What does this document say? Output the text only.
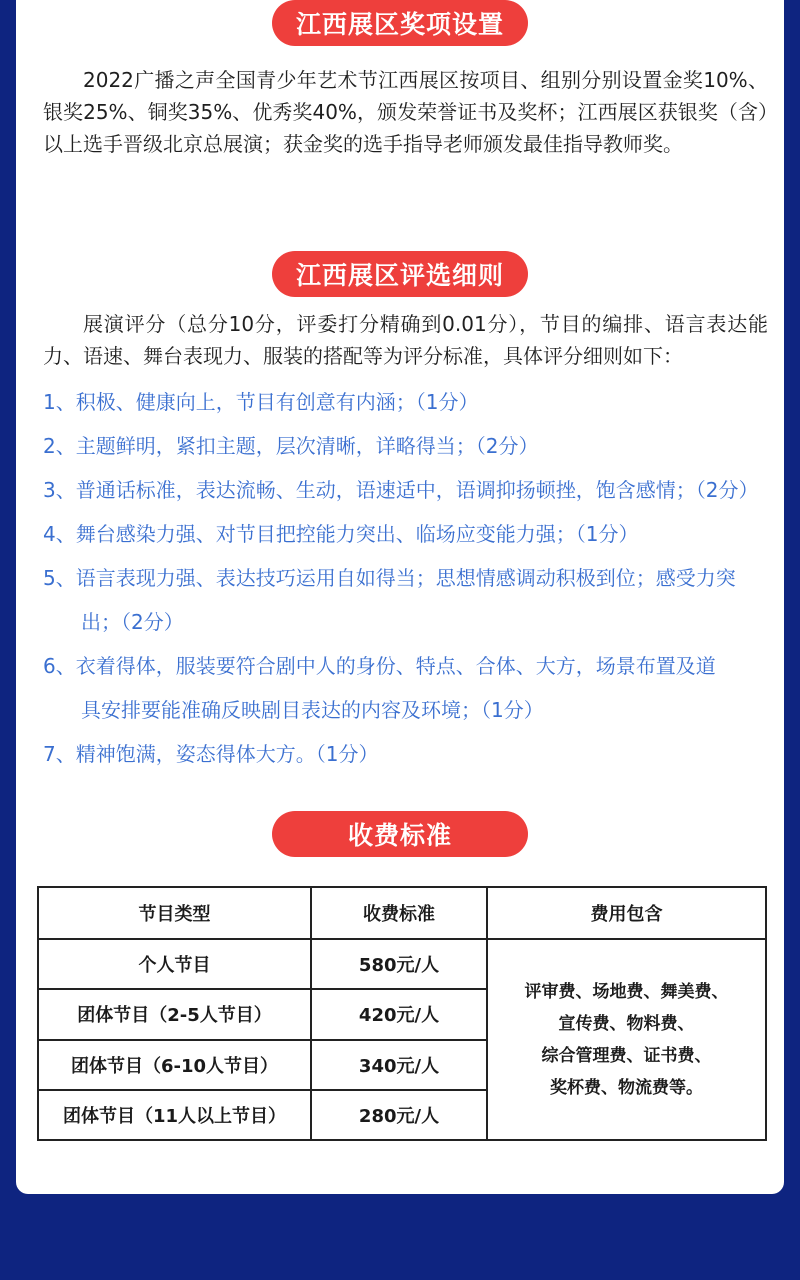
江西展区奖项设置

2022广播之声全国青少年艺术节江西展区按项目、组别分别设置金奖10%、银奖25%、铜奖35%、优秀奖40%，颁发荣誉证书及奖杯；江西展区获银奖（含）以上选手晋级北京总展演；获金奖的选手指导老师颁发最佳指导教师奖。

江西展区评选细则

展演评分（总分10分，评委打分精确到0.01分），节目的编排、语言表达能力、语速、舞台表现力、服装的搭配等为评分标准，具体评分细则如下：

1、积极、健康向上，节目有创意有内涵；（1分）
2、主题鲜明，紧扣主题，层次清晰，详略得当；（2分）
3、普通话标准，表达流畅、生动，语速适中，语调抑扬顿挫，饱含感情；（2分）
4、舞台感染力强、对节目把控能力突出、临场应变能力强；（1分）
5、语言表现力强、表达技巧运用自如得当；思想情感调动积极到位；感受力突
出；（2分）
6、衣着得体，服装要符合剧中人的身份、特点、合体、大方，场景布置及道
具安排要能准确反映剧目表达的内容及环境；（1分）
7、精神饱满，姿态得体大方。（1分）
收费标准
节目类型	收费标准	费用包含
个人节目	580元/人	评审费、场地费、舞美费、
宣传费、物料费、
综合管理费、证书费、
奖杯费、物流费等。

团体节目（2-5人节目）	420元/人	
团体节目（6-10人节目）	340元/人	
团体节目（11人以上节目）	280元/人	
